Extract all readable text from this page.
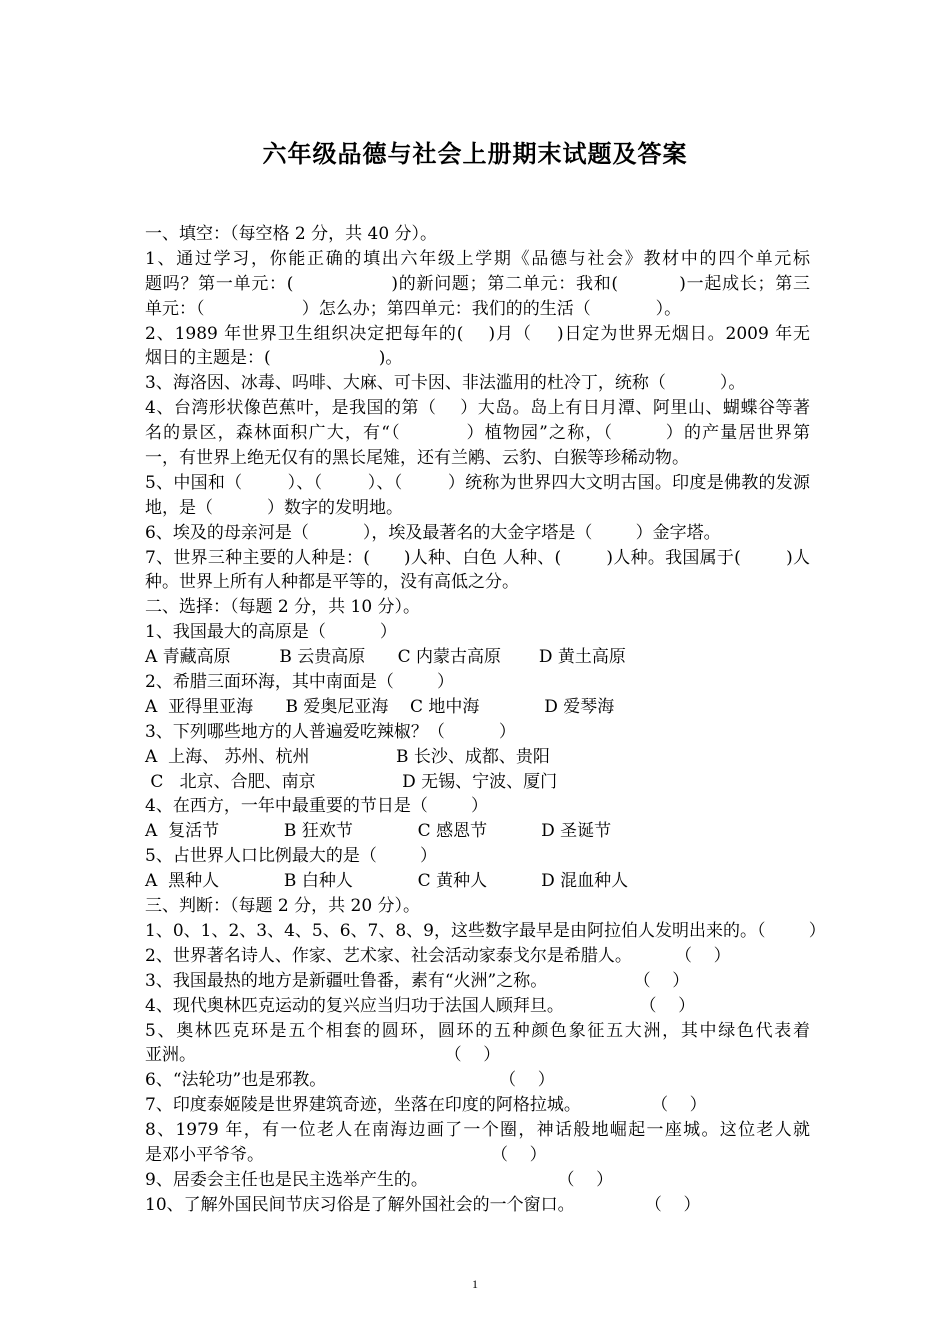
六年级品德与社会上册期末试题及答案
一、填空：（每空格 2 分，共 40 分）。
1、通过学习，你能正确的填出六年级上学期《品德与社会》教材中的四个单元标
题吗？第一单元：(                )的新问题；第二单元：我和(          )一起成长；第三
单元：（                  ）怎么办；第四单元：我们的的生活（            ）。
2、1989 年世界卫生组织决定把每年的(    )月（    )日定为世界无烟日。2009 年无
烟日的主题是：(                    )。
3、海洛因、冰毒、吗啡、大麻、可卡因、非法滥用的杜冷丁，统称（          ）。
4、台湾形状像芭蕉叶，是我国的第（    ）大岛。岛上有日月潭、阿里山、蝴蝶谷等著
名的景区，森林面积广大，有“（          ）植物园”之称，（        ）的产量居世界第
一，有世界上绝无仅有的黑长尾雉，还有兰鹇、云豹、白猴等珍稀动物。
5、中国和（        ）、（        ）、（        ）统称为世界四大文明古国。印度是佛教的发源
地，是（          ）数字的发明地。
6、埃及的母亲河是（          ），埃及最著名的大金字塔是（        ）金字塔。
7、世界三种主要的人种是：(      )人种、白色 人种、(        )人种。我国属于(        )人
种。世界上所有人种都是平等的，没有高低之分。
二、选择：（每题 2 分，共 10 分）。
1、我国最大的高原是（          ）
A 青藏高原         B 云贵高原      C 内蒙古高原       D 黄土高原
2、希腊三面环海，其中南面是（        ）
A  亚得里亚海      B 爱奥尼亚海    C 地中海            D 爱琴海
3、下列哪些地方的人普遍爱吃辣椒？（          ）
A  上海、 苏州、杭州                B 长沙、成都、贵阳
C   北京、合肥、南京                D 无锡、宁波、厦门
4、在西方，一年中最重要的节日是（        ）
A  复活节            B 狂欢节            C 感恩节          D 圣诞节
5、占世界人口比例最大的是（        ）
A  黑种人            B 白种人            C 黄种人          D 混血种人
三、判断：（每题 2 分，共 20 分）。
1、0、1、2、3、4、5、6、7、8、9，这些数字最早是由阿拉伯人发明出来的。（        ）
2、世界著名诗人、作家、艺术家、社会活动家泰戈尔是希腊人。        （    ）
3、我国最热的地方是新疆吐鲁番，素有“火洲”之称。                （    ）
4、现代奥林匹克运动的复兴应当归功于法国人顾拜旦。              （    ）
5、奥林匹克环是五个相套的圆环，圆环的五种颜色象征五大洲，其中绿色代表着
亚洲。                                              （    ）
6、“法轮功”也是邪教。                                （    ）
7、印度泰姬陵是世界建筑奇迹，坐落在印度的阿格拉城。             （    ）
8、1979 年，有一位老人在南海边画了一个圈，神话般地崛起一座城。这位老人就
是邓小平爷爷。                                          （    ）
9、居委会主任也是民主选举产生的。                        （    ）
10、了解外国民间节庆习俗是了解外国社会的一个窗口。             （    ）
1
